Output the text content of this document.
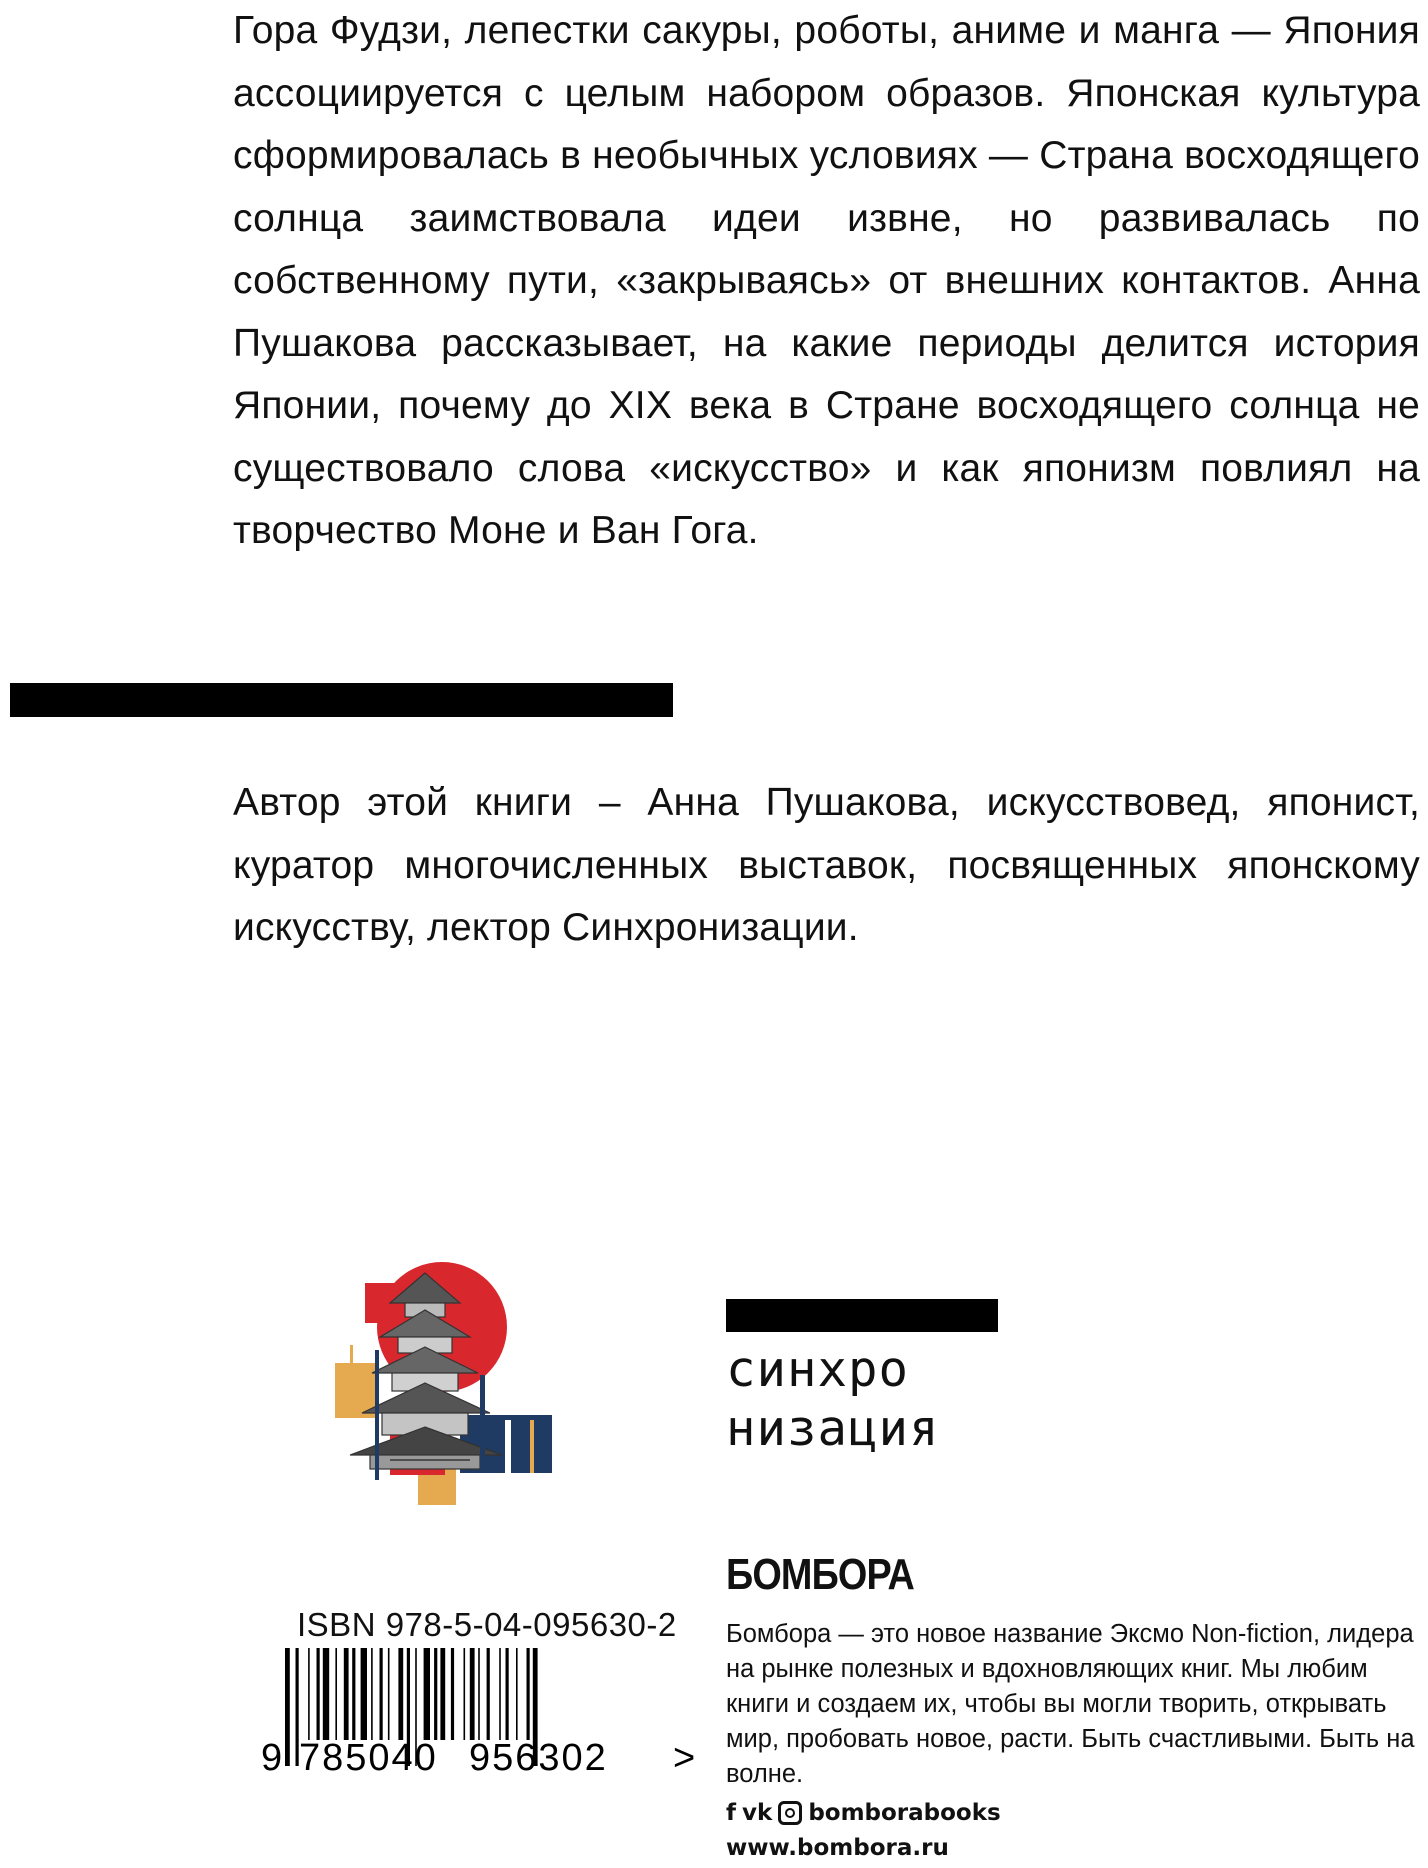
Гора Фудзи, лепестки сакуры, роботы, аниме и манга — Япония ассоциируется с целым набором образов. Японская культура сформировалась в необычных условиях — Страна восходящего солнца заимствовала идеи извне, но развивалась по собственному пути, «закрываясь» от внешних контактов. Анна Пушакова рассказывает, на какие периоды делится история Японии, почему до XIX века в Стране восходящего солнца не существовало слова «искусство» и как японизм повлиял на творчество Моне и Ван Гога.

Автор этой книги – Анна Пушакова, искусствовед, японист, куратор многочисленных выставок, посвященных японскому искусству, лектор Синхронизации.

синхро
низация
БОМБОРА

Бомбора — это новое название Эксмо Non-fiction, лидера на рынке полезных и вдохновляющих книг. Мы любим книги и создаем их, чтобы вы могли творить, открывать мир, пробовать новое, расти. Быть счастливыми. Быть на волне.

f vk bomborabooks
www.bombora.ru
ISBN 978-5-04-095630-2
9 785040 956302 >
